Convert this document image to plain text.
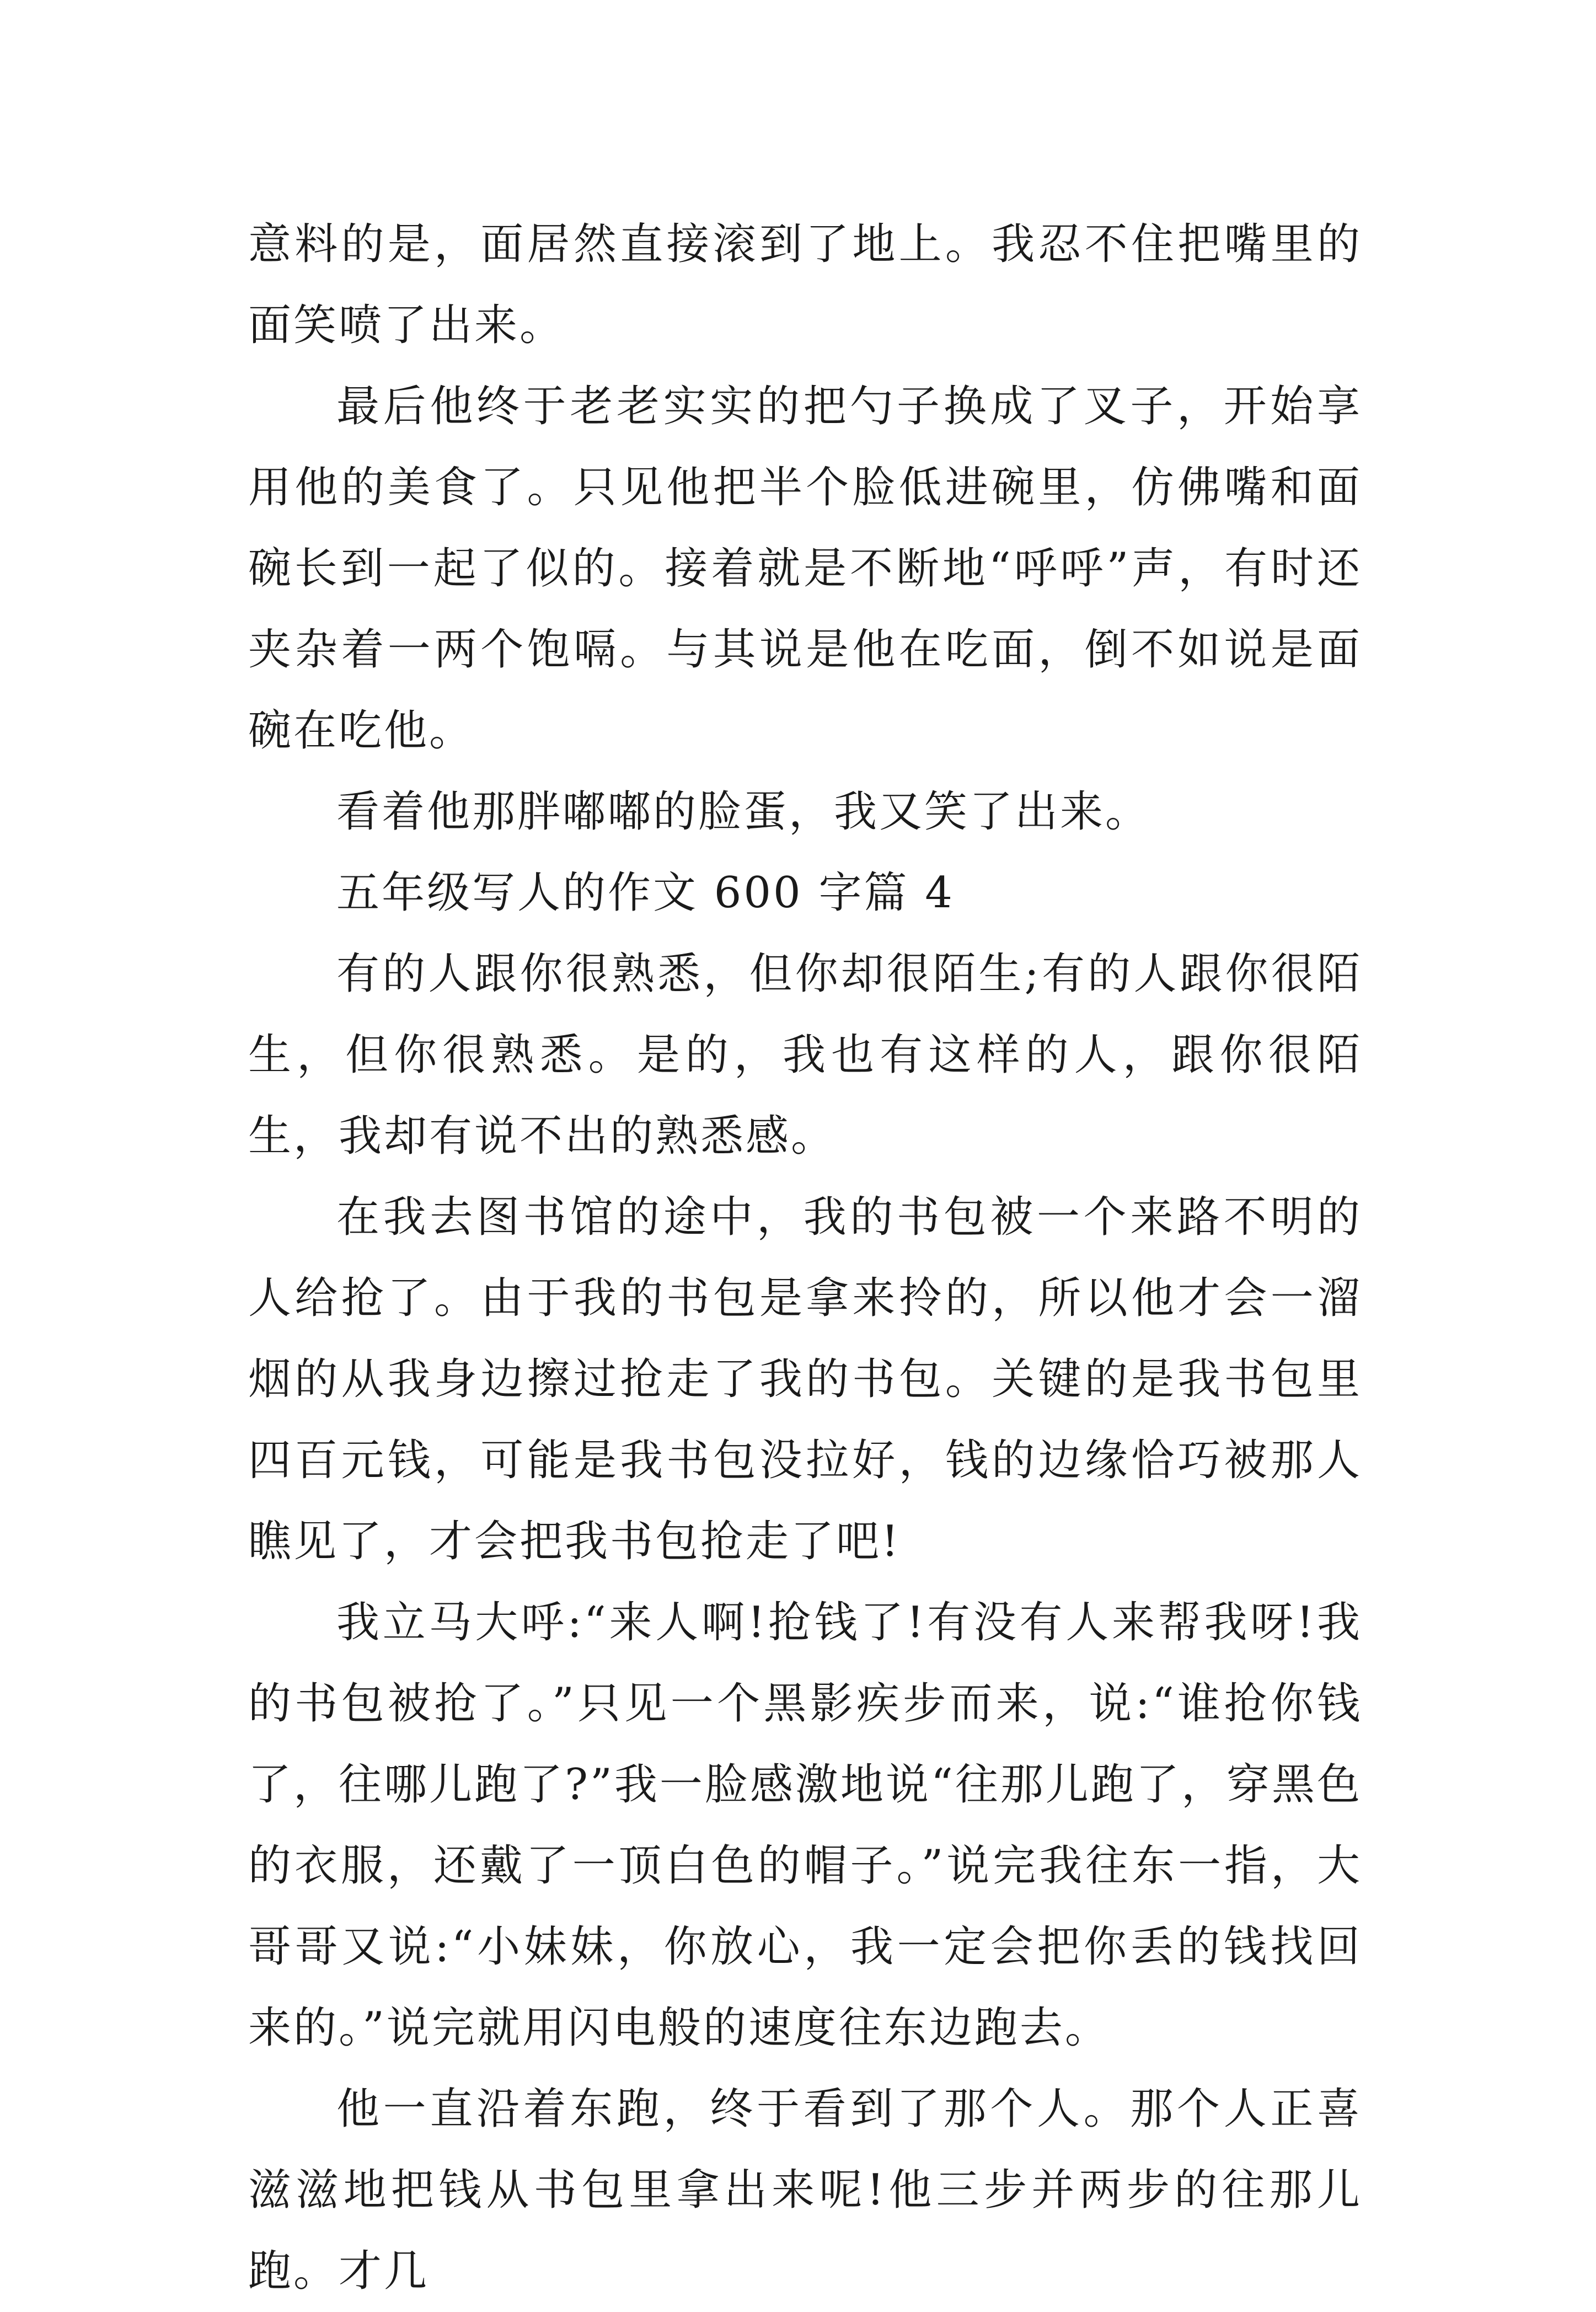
意料的是，面居然直接滚到了地上。我忍不住把嘴里的面笑喷了出来。

最后他终于老老实实的把勺子换成了叉子，开始享用他的美食了。只见他把半个脸低进碗里，仿佛嘴和面碗长到一起了似的。接着就是不断地“呼呼”声，有时还夹杂着一两个饱嗝。与其说是他在吃面，倒不如说是面碗在吃他。

看着他那胖嘟嘟的脸蛋，我又笑了出来。

五年级写人的作文 600 字篇 4

有的人跟你很熟悉，但你却很陌生;有的人跟你很陌生，但你很熟悉。是的，我也有这样的人，跟你很陌生，我却有说不出的熟悉感。

在我去图书馆的途中，我的书包被一个来路不明的人给抢了。由于我的书包是拿来拎的，所以他才会一溜烟的从我身边擦过抢走了我的书包。关键的是我书包里四百元钱，可能是我书包没拉好，钱的边缘恰巧被那人瞧见了，才会把我书包抢走了吧!

我立马大呼:“来人啊!抢钱了!有没有人来帮我呀!我的书包被抢了。”只见一个黑影疾步而来，说:“谁抢你钱了，往哪儿跑了?”我一脸感激地说“往那儿跑了，穿黑色的衣服，还戴了一顶白色的帽子。”说完我往东一指，大哥哥又说:“小妹妹，你放心，我一定会把你丢的钱找回来的。”说完就用闪电般的速度往东边跑去。

他一直沿着东跑，终于看到了那个人。那个人正喜滋滋地把钱从书包里拿出来呢!他三步并两步的往那儿跑。才几
